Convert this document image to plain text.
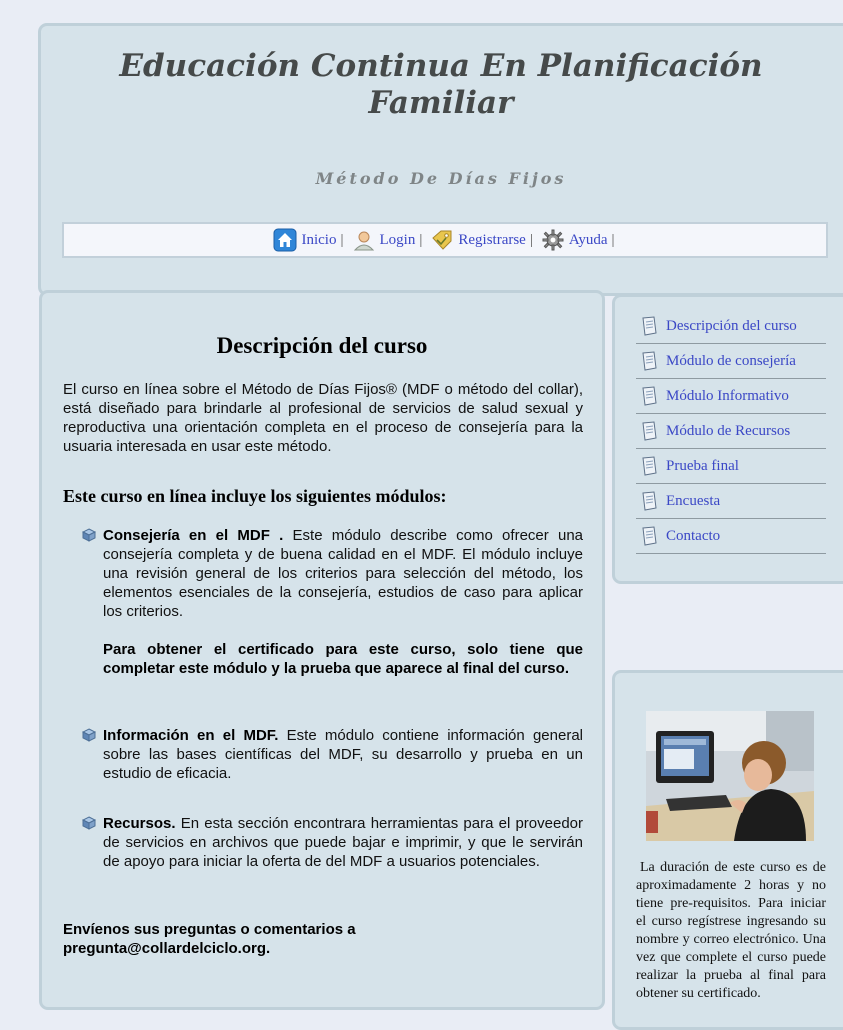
Educación Continua En Planificación Familiar
Método De Días Fijos
Inicio | Login | Registrarse | Ayuda |
Descripción del curso

El curso en línea sobre el Método de Días Fijos® (MDF o método del collar), está diseñado para brindarle al profesional de servicios de salud sexual y reproductiva una orientación completa en el proceso de consejería para la usuaria interesada en usar este método.

Este curso en línea incluye los siguientes módulos:

Consejería en el MDF . Este módulo describe como ofrecer una consejería completa y de buena calidad en el MDF. El módulo incluye una revisión general de los criterios para selección del método, los elementos esenciales de la consejería, estudios de caso para aplicar los criterios.

Para obtener el certificado para este curso, solo tiene que completar este módulo y la prueba que aparece al final del curso.

Información en el MDF. Este módulo contiene información general sobre las bases científicas del MDF, su desarrollo y prueba en un estudio de eficacia.

Recursos. En esta sección encontrara herramientas para el proveedor de servicios en archivos que puede bajar e imprimir, y que le servirán de apoyo para iniciar la oferta de del MDF a usuarios potenciales.

Envíenos sus preguntas o comentarios a
pregunta@collardelciclo.org.

Descripción del curso
Módulo de consejería
Módulo Informativo
Módulo de Recursos
Prueba final
Encuesta
Contacto

La duración de este curso es de aproximadamente 2 horas y no tiene pre-requisitos. Para iniciar el curso regístrese ingresando su nombre y correo electrónico. Una vez que complete el curso puede realizar la prueba al final para obtener su certificado.
